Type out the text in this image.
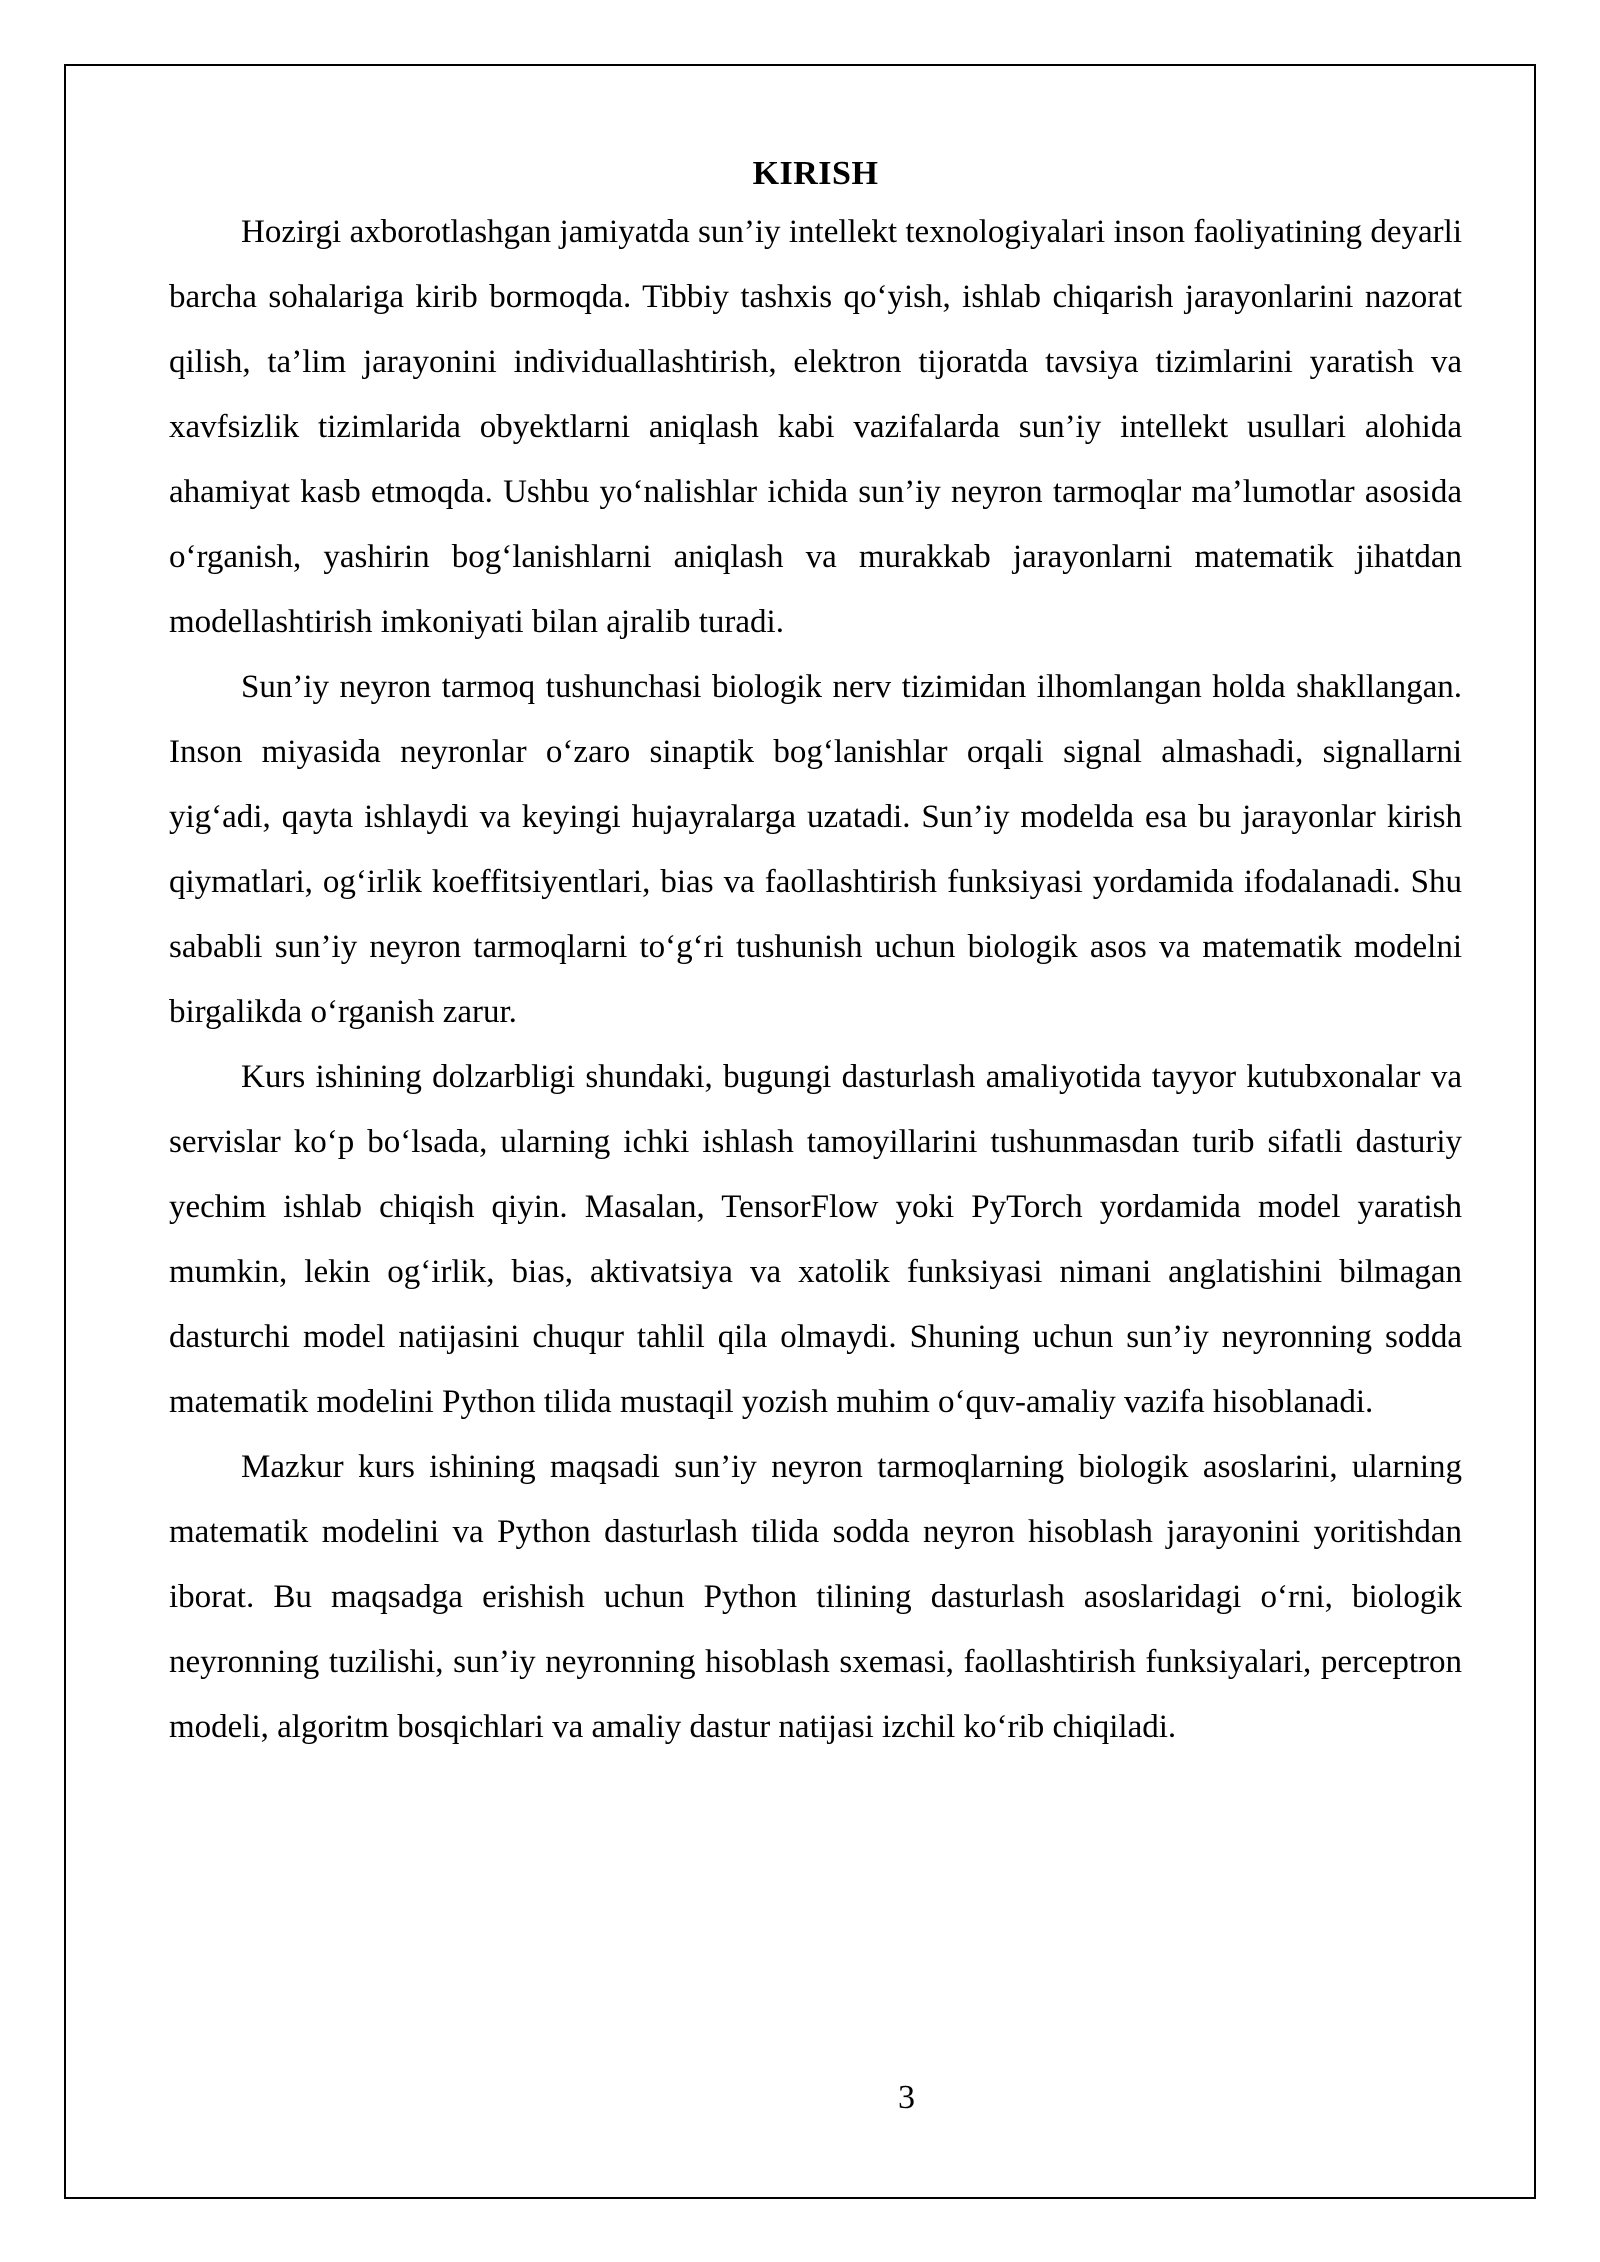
KIRISH

Hozirgi axborotlashgan jamiyatda sun’iy intellekt texnologiyalari inson faoliyatining deyarli barcha sohalariga kirib bormoqda. Tibbiy tashxis qo‘yish, ishlab chiqarish jarayonlarini nazorat qilish, ta’lim jarayonini individuallashtirish, elektron tijoratda tavsiya tizimlarini yaratish va xavfsizlik tizimlarida obyektlarni aniqlash kabi vazifalarda sun’iy intellekt usullari alohida ahamiyat kasb etmoqda. Ushbu yo‘nalishlar ichida sun’iy neyron tarmoqlar ma’lumotlar asosida o‘rganish, yashirin bog‘lanishlarni aniqlash va murakkab jarayonlarni matematik jihatdan modellashtirish imkoniyati bilan ajralib turadi.

Sun’iy neyron tarmoq tushunchasi biologik nerv tizimidan ilhomlangan holda shakllangan. Inson miyasida neyronlar o‘zaro sinaptik bog‘lanishlar orqali signal almashadi, signallarni yig‘adi, qayta ishlaydi va keyingi hujayralarga uzatadi. Sun’iy modelda esa bu jarayonlar kirish qiymatlari, og‘irlik koeffitsiyentlari, bias va faollashtirish funksiyasi yordamida ifodalanadi. Shu sababli sun’iy neyron tarmoqlarni to‘g‘ri tushunish uchun biologik asos va matematik modelni birgalikda o‘rganish zarur.

Kurs ishining dolzarbligi shundaki, bugungi dasturlash amaliyotida tayyor kutubxonalar va servislar ko‘p bo‘lsada, ularning ichki ishlash tamoyillarini tushunmasdan turib sifatli dasturiy yechim ishlab chiqish qiyin. Masalan, TensorFlow yoki PyTorch yordamida model yaratish mumkin, lekin og‘irlik, bias, aktivatsiya va xatolik funksiyasi nimani anglatishini bilmagan dasturchi model natijasini chuqur tahlil qila olmaydi. Shuning uchun sun’iy neyronning sodda matematik modelini Python tilida mustaqil yozish muhim o‘quv-amaliy vazifa hisoblanadi.

Mazkur kurs ishining maqsadi sun’iy neyron tarmoqlarning biologik asoslarini, ularning matematik modelini va Python dasturlash tilida sodda neyron hisoblash jarayonini yoritishdan iborat. Bu maqsadga erishish uchun Python tilining dasturlash asoslaridagi o‘rni, biologik neyronning tuzilishi, sun’iy neyronning hisoblash sxemasi, faollashtirish funksiyalari, perceptron modeli, algoritm bosqichlari va amaliy dastur natijasi izchil ko‘rib chiqiladi.

3
